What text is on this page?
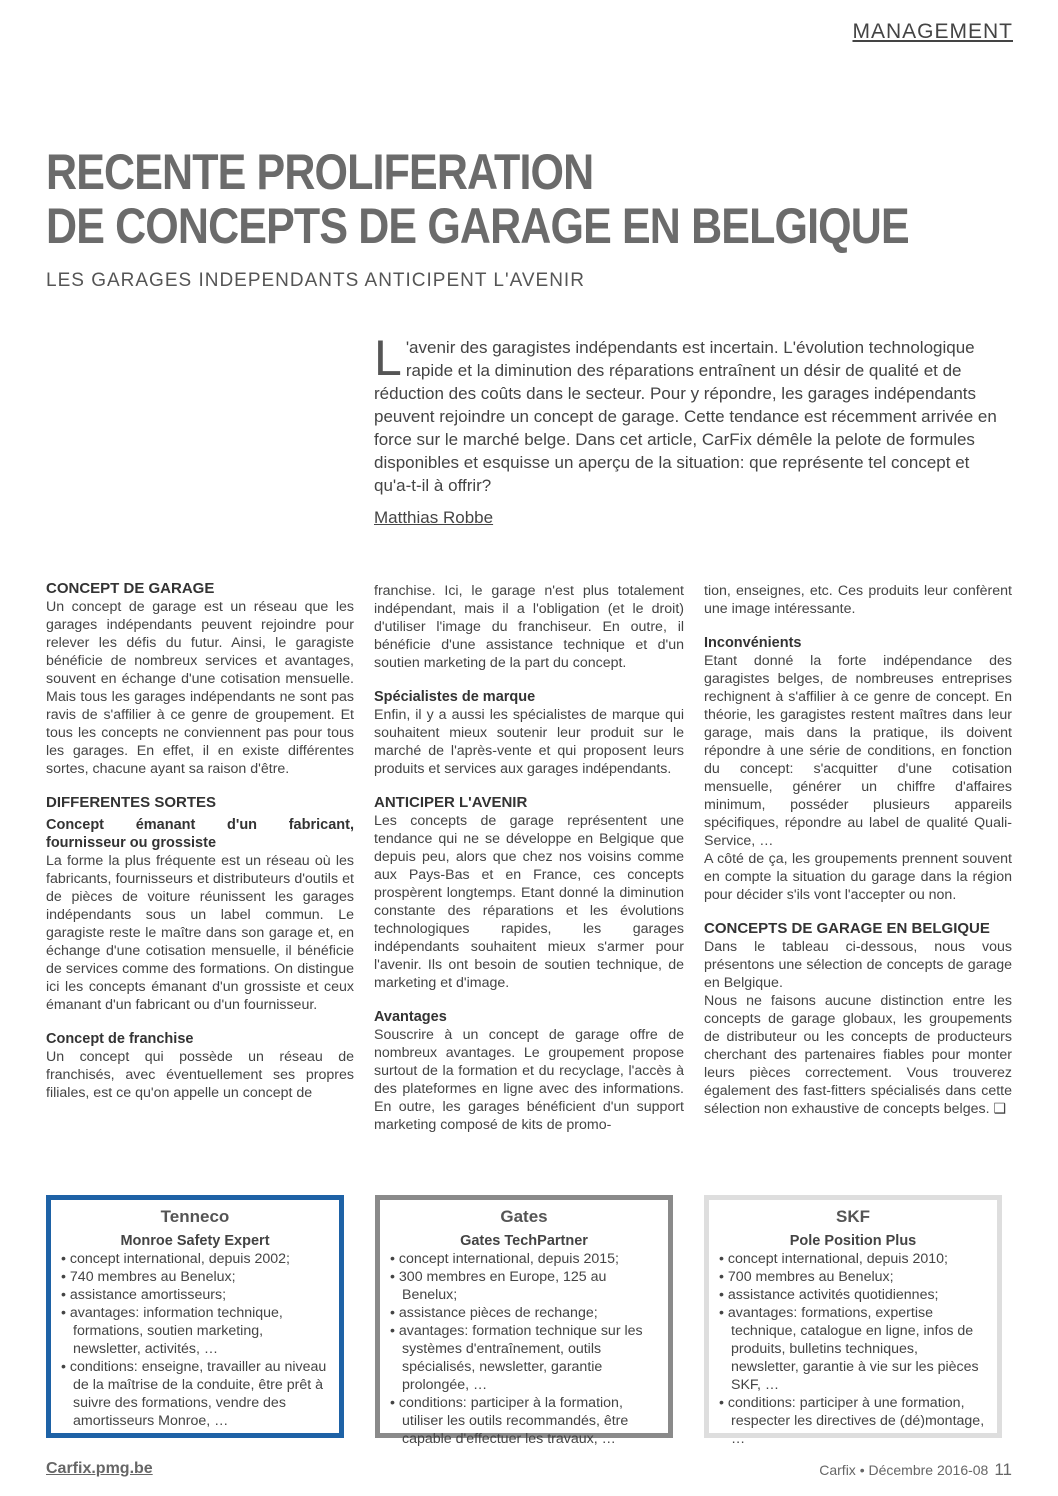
MANAGEMENT
RECENTE PROLIFERATION
DE CONCEPTS DE GARAGE EN BELGIQUE
LES GARAGES INDEPENDANTS ANTICIPENT L'AVENIR
L 'avenir des garagistes indépendants est incertain. L'évolution technologique rapide et la diminution des réparations entraînent un désir de qualité et de réduction des coûts dans le secteur. Pour y répondre, les garages indépendants peuvent rejoindre un concept de garage. Cette tendance est récemment arrivée en force sur le marché belge. Dans cet article, CarFix démêle la pelote de formules disponibles et esquisse un aperçu de la situation: que représente tel concept et qu'a-t-il à offrir?
Matthias Robbe

CONCEPT DE GARAGE

Un concept de garage est un réseau que les garages indépendants peuvent rejoindre pour relever les défis du futur. Ainsi, le garagiste bénéficie de nombreux services et avantages, souvent en échange d'une cotisation mensuelle. Mais tous les garages indépendants ne sont pas ravis de s'affilier à ce genre de groupement. Et tous les concepts ne conviennent pas pour tous les garages. En effet, il en existe différentes sortes, chacune ayant sa raison d'être.

DIFFERENTES SORTES

Concept émanant d'un fabricant, fournisseur ou grossiste

La forme la plus fréquente est un réseau où les fabricants, fournisseurs et distributeurs d'outils et de pièces de voiture réunissent les garages indépendants sous un label commun. Le garagiste reste le maître dans son garage et, en échange d'une cotisation mensuelle, il bénéficie de services comme des formations. On distingue ici les concepts émanant d'un grossiste et ceux émanant d'un fabricant ou d'un fournisseur.

Concept de franchise

Un concept qui possède un réseau de franchisés, avec éventuellement ses propres filiales, est ce qu'on appelle un concept de

franchise. Ici, le garage n'est plus totalement indépendant, mais il a l'obligation (et le droit) d'utiliser l'image du franchiseur. En outre, il bénéficie d'une assistance technique et d'un soutien marketing de la part du concept.

Spécialistes de marque

Enfin, il y a aussi les spécialistes de marque qui souhaitent mieux soutenir leur produit sur le marché de l'après-vente et qui proposent leurs produits et services aux garages indépendants.

ANTICIPER L'AVENIR

Les concepts de garage représentent une tendance qui ne se développe en Belgique que depuis peu, alors que chez nos voisins comme aux Pays-Bas et en France, ces concepts prospèrent longtemps. Etant donné la diminution constante des réparations et les évolutions technologiques rapides, les garages indépendants souhaitent mieux s'armer pour l'avenir. Ils ont besoin de soutien technique, de marketing et d'image.

Avantages

Souscrire à un concept de garage offre de nombreux avantages. Le groupement propose surtout de la formation et du recyclage, l'accès à des plateformes en ligne avec des informations. En outre, les garages bénéficient d'un support marketing composé de kits de promo-

tion, enseignes, etc. Ces produits leur confèrent une image intéressante.

Inconvénients

Etant donné la forte indépendance des garagistes belges, de nombreuses entreprises rechignent à s'affilier à ce genre de concept. En théorie, les garagistes restent maîtres dans leur garage, mais dans la pratique, ils doivent répondre à une série de conditions, en fonction du concept: s'acquitter d'une cotisation mensuelle, générer un chiffre d'affaires minimum, posséder plusieurs appareils spécifiques, répondre au label de qualité Quali-Service, …

A côté de ça, les groupements prennent souvent en compte la situation du garage dans la région pour décider s'ils vont l'accepter ou non.

CONCEPTS DE GARAGE EN BELGIQUE

Dans le tableau ci-dessous, nous vous présentons une sélection de concepts de garage en Belgique.

Nous ne faisons aucune distinction entre les concepts de garage globaux, les groupements de distributeur ou les concepts de producteurs cherchant des partenaires fiables pour monter leurs pièces correctement. Vous trouverez également des fast-fitters spécialisés dans cette sélection non exhaustive de concepts belges. ❑

Tenneco
Monroe Safety Expert
• concept international, depuis 2002;
• 740 membres au Benelux;
• assistance amortisseurs;
• avantages: information technique, formations, soutien marketing, newsletter, activités, …
• conditions: enseigne, travailler au niveau de la maîtrise de la conduite, être prêt à suivre des formations, vendre des amortisseurs Monroe, …
Gates
Gates TechPartner
• concept international, depuis 2015;
• 300 membres en Europe, 125 au Benelux;
• assistance pièces de rechange;
• avantages: formation technique sur les systèmes d'entraînement, outils spécialisés, newsletter, garantie prolongée, …
• conditions: participer à la formation, utiliser les outils recommandés, être capable d'effectuer les travaux, …
SKF
Pole Position Plus
• concept international, depuis 2010;
• 700 membres au Benelux;
• assistance activités quotidiennes;
• avantages: formations, expertise technique, catalogue en ligne, infos de produits, bulletins techniques, newsletter, garantie à vie sur les pièces SKF, …
• conditions: participer à une formation, respecter les directives de (dé)montage, …
Carfix.pmg.be	Carfix • Décembre 2016-08 11
